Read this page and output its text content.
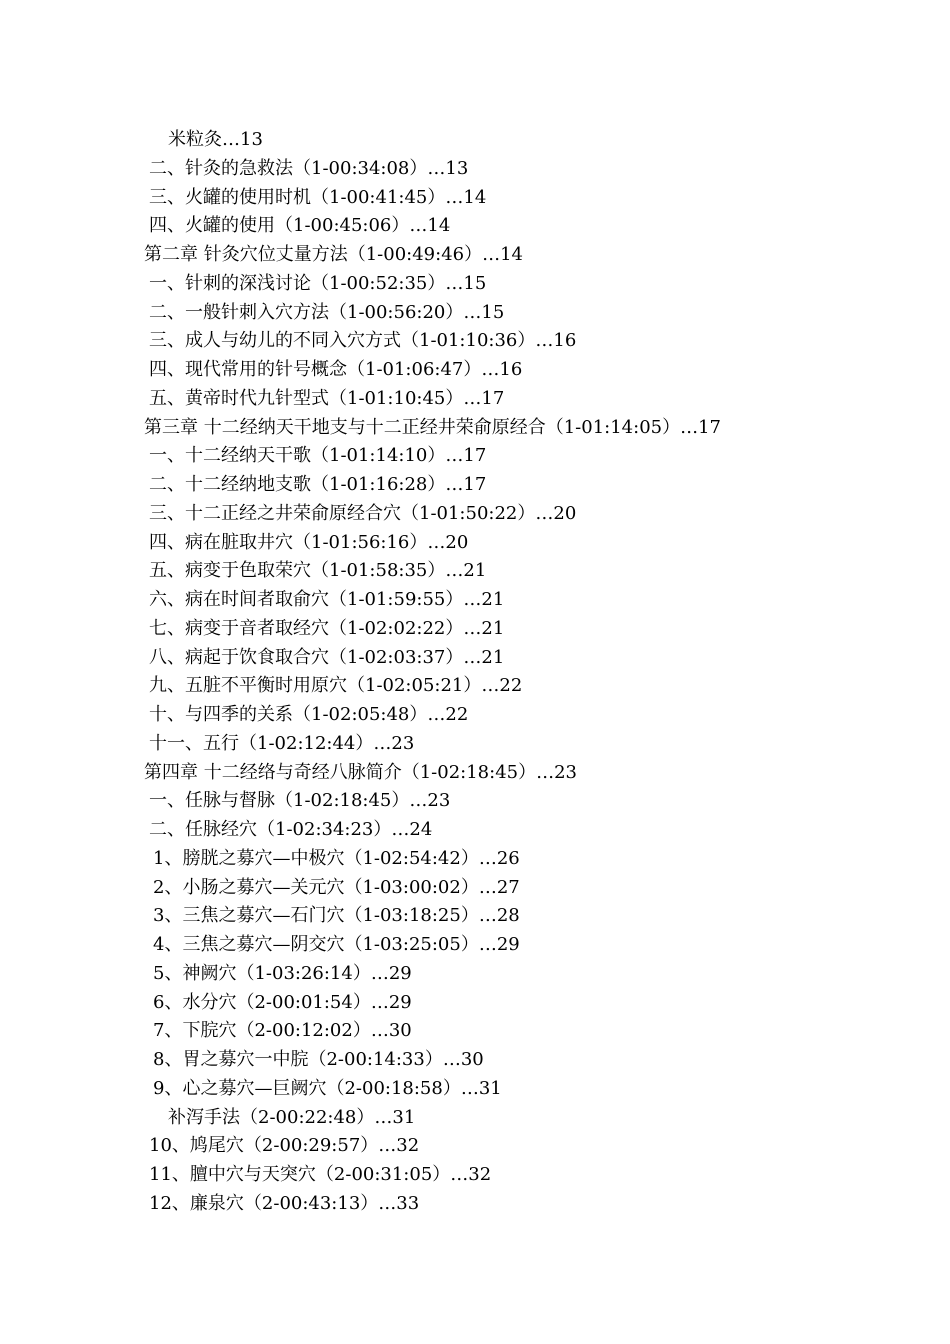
米粒灸…13
二、针灸的急救法（1-00:34:08）…13
三、火罐的使用时机（1-00:41:45）…14
四、火罐的使用（1-00:45:06）…14
第二章 针灸穴位丈量方法（1-00:49:46）…14
一、针刺的深浅讨论（1-00:52:35）…15
二、一般针刺入穴方法（1-00:56:20）…15
三、成人与幼儿的不同入穴方式（1-01:10:36）…16
四、现代常用的针号概念（1-01:06:47）…16
五、黄帝时代九针型式（1-01:10:45）…17
第三章 十二经纳天干地支与十二正经井荣俞原经合（1-01:14:05）…17
一、十二经纳天干歌（1-01:14:10）…17
二、十二经纳地支歌（1-01:16:28）…17
三、十二正经之井荣俞原经合穴（1-01:50:22）…20
四、病在脏取井穴（1-01:56:16）…20
五、病变于色取荣穴（1-01:58:35）…21
六、病在时间者取俞穴（1-01:59:55）…21
七、病变于音者取经穴（1-02:02:22）…21
八、病起于饮食取合穴（1-02:03:37）…21
九、五脏不平衡时用原穴（1-02:05:21）…22
十、与四季的关系（1-02:05:48）…22
十一、五行（1-02:12:44）…23
第四章 十二经络与奇经八脉简介（1-02:18:45）…23
一、任脉与督脉（1-02:18:45）…23
二、任脉经穴（1-02:34:23）…24
1、膀胱之募穴—中极穴（1-02:54:42）…26
2、小肠之募穴—关元穴（1-03:00:02）…27
3、三焦之募穴—石门穴（1-03:18:25）…28
4、三焦之募穴—阴交穴（1-03:25:05）…29
5、神阙穴（1-03:26:14）…29
6、水分穴（2-00:01:54）…29
7、下脘穴（2-00:12:02）…30
8、胃之募穴一中脘（2-00:14:33）…30
9、心之募穴—巨阙穴（2-00:18:58）…31
补泻手法（2-00:22:48）…31
10、鸠尾穴（2-00:29:57）…32
11、膻中穴与天突穴（2-00:31:05）…32
12、廉泉穴（2-00:43:13）…33
